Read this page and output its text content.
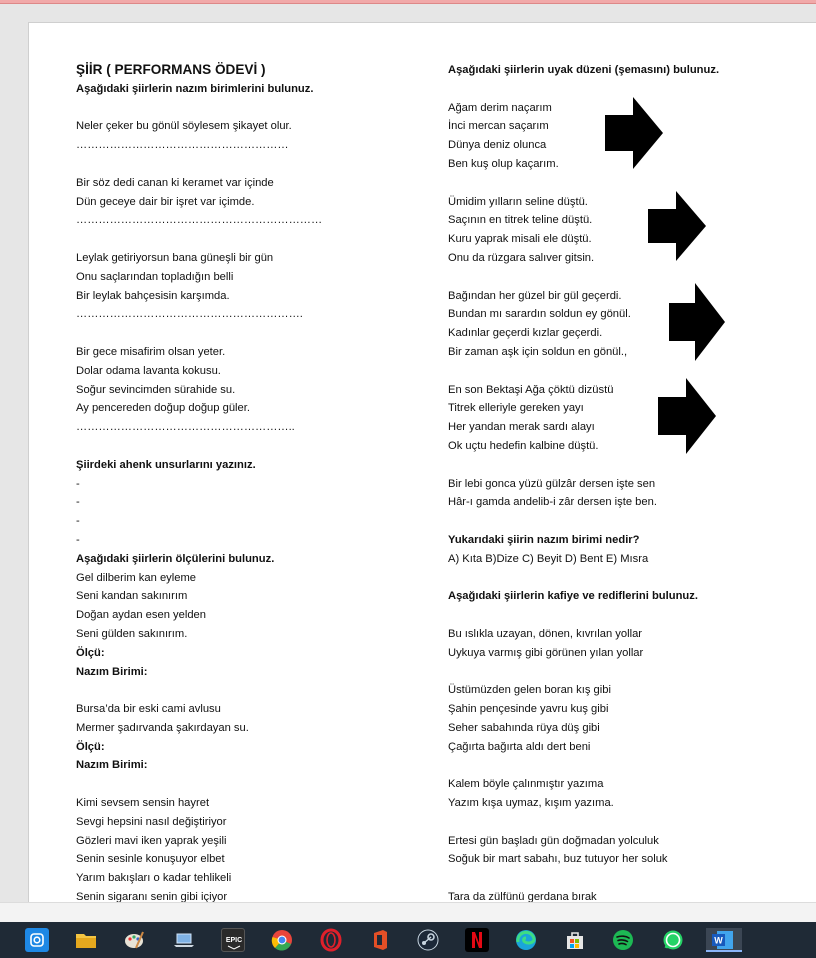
ŞİİR ( PERFORMANS ÖDEVİ )
Aşağıdaki şiirlerin nazım birimlerini bulunuz.
Neler çeker bu gönül söylesem şikayet olur.
…………………………………………………
Bir söz dedi canan ki keramet var içinde
Dün geceye dair bir işret var içimde.
…………………………………………………………
Leylak getiriyorsun bana güneşli bir gün
Onu saçlarından topladığın belli
Bir leylak bahçesisin karşımda.
…………………………………………………….
Bir gece misafirim olsan yeter.
Dolar odama lavanta kokusu.
Soğur sevincimden sürahide su.
Ay pencereden doğup doğup güler.
…………………………………………………..
Şiirdeki ahenk unsurlarını yazınız.
-
-
-
-
Aşağıdaki şiirlerin ölçülerini bulunuz.
Gel dilberim kan eyleme
Seni kandan sakınırım
Doğan aydan esen yelden
Seni gülden sakınırım.
Ölçü:
Nazım Birimi:
Bursa’da bir eski cami avlusu
Mermer şadırvanda şakırdayan su.
Ölçü:
Nazım Birimi:
Kimi sevsem sensin hayret
Sevgi hepsini nasıl değiştiriyor
Gözleri mavi iken yaprak yeşili
Senin sesinle konuşuyor elbet
Yarım bakışları o kadar tehlikeli
Senin sigaranı senin gibi içiyor
Aşağıdaki şiirlerin uyak düzeni (şemasını) bulunuz.
Ağam derim naçarım
İnci mercan saçarım
Dünya deniz olunca
Ben kuş olup kaçarım.
Ümidim yılların seline düştü.
Saçının en titrek teline düştü.
Kuru yaprak misali ele düştü.
Onu da rüzgara salıver gitsin.
Bağından her güzel bir gül geçerdi.
Bundan mı sarardın soldun ey gönül.
Kadınlar geçerdi kızlar geçerdi.
Bir zaman aşk için soldun en gönül.,
En son Bektaşi Ağa çöktü dizüstü
Titrek elleriyle gereken yayı
Her yandan merak sardı alayı
Ok uçtu hedefin kalbine düştü.
Bir lebi gonca yüzü gülzâr dersen işte sen
Hâr-ı gamda andelib-i zâr dersen işte ben.
Yukarıdaki şiirin nazım birimi nedir?
A) Kıta B)Dize C) Beyit D) Bent E) Mısra
Aşağıdaki şiirlerin kafiye ve rediflerini bulunuz.
Bu ıslıkla uzayan, dönen, kıvrılan yollar
Uykuya varmış gibi görünen yılan yollar
Üstümüzden gelen boran kış gibi
Şahin pençesinde yavru kuş gibi
Seher sabahında rüya düş gibi
Çağırta bağırta aldı dert beni
Kalem böyle çalınmıştır yazıma
Yazım kışa uymaz, kışım yazıma.
Ertesi gün başladı gün doğmadan yolculuk
Soğuk bir mart sabahı, buz tutuyor her soluk
Tara da zülfünü gerdana bırak
EPIC	W
